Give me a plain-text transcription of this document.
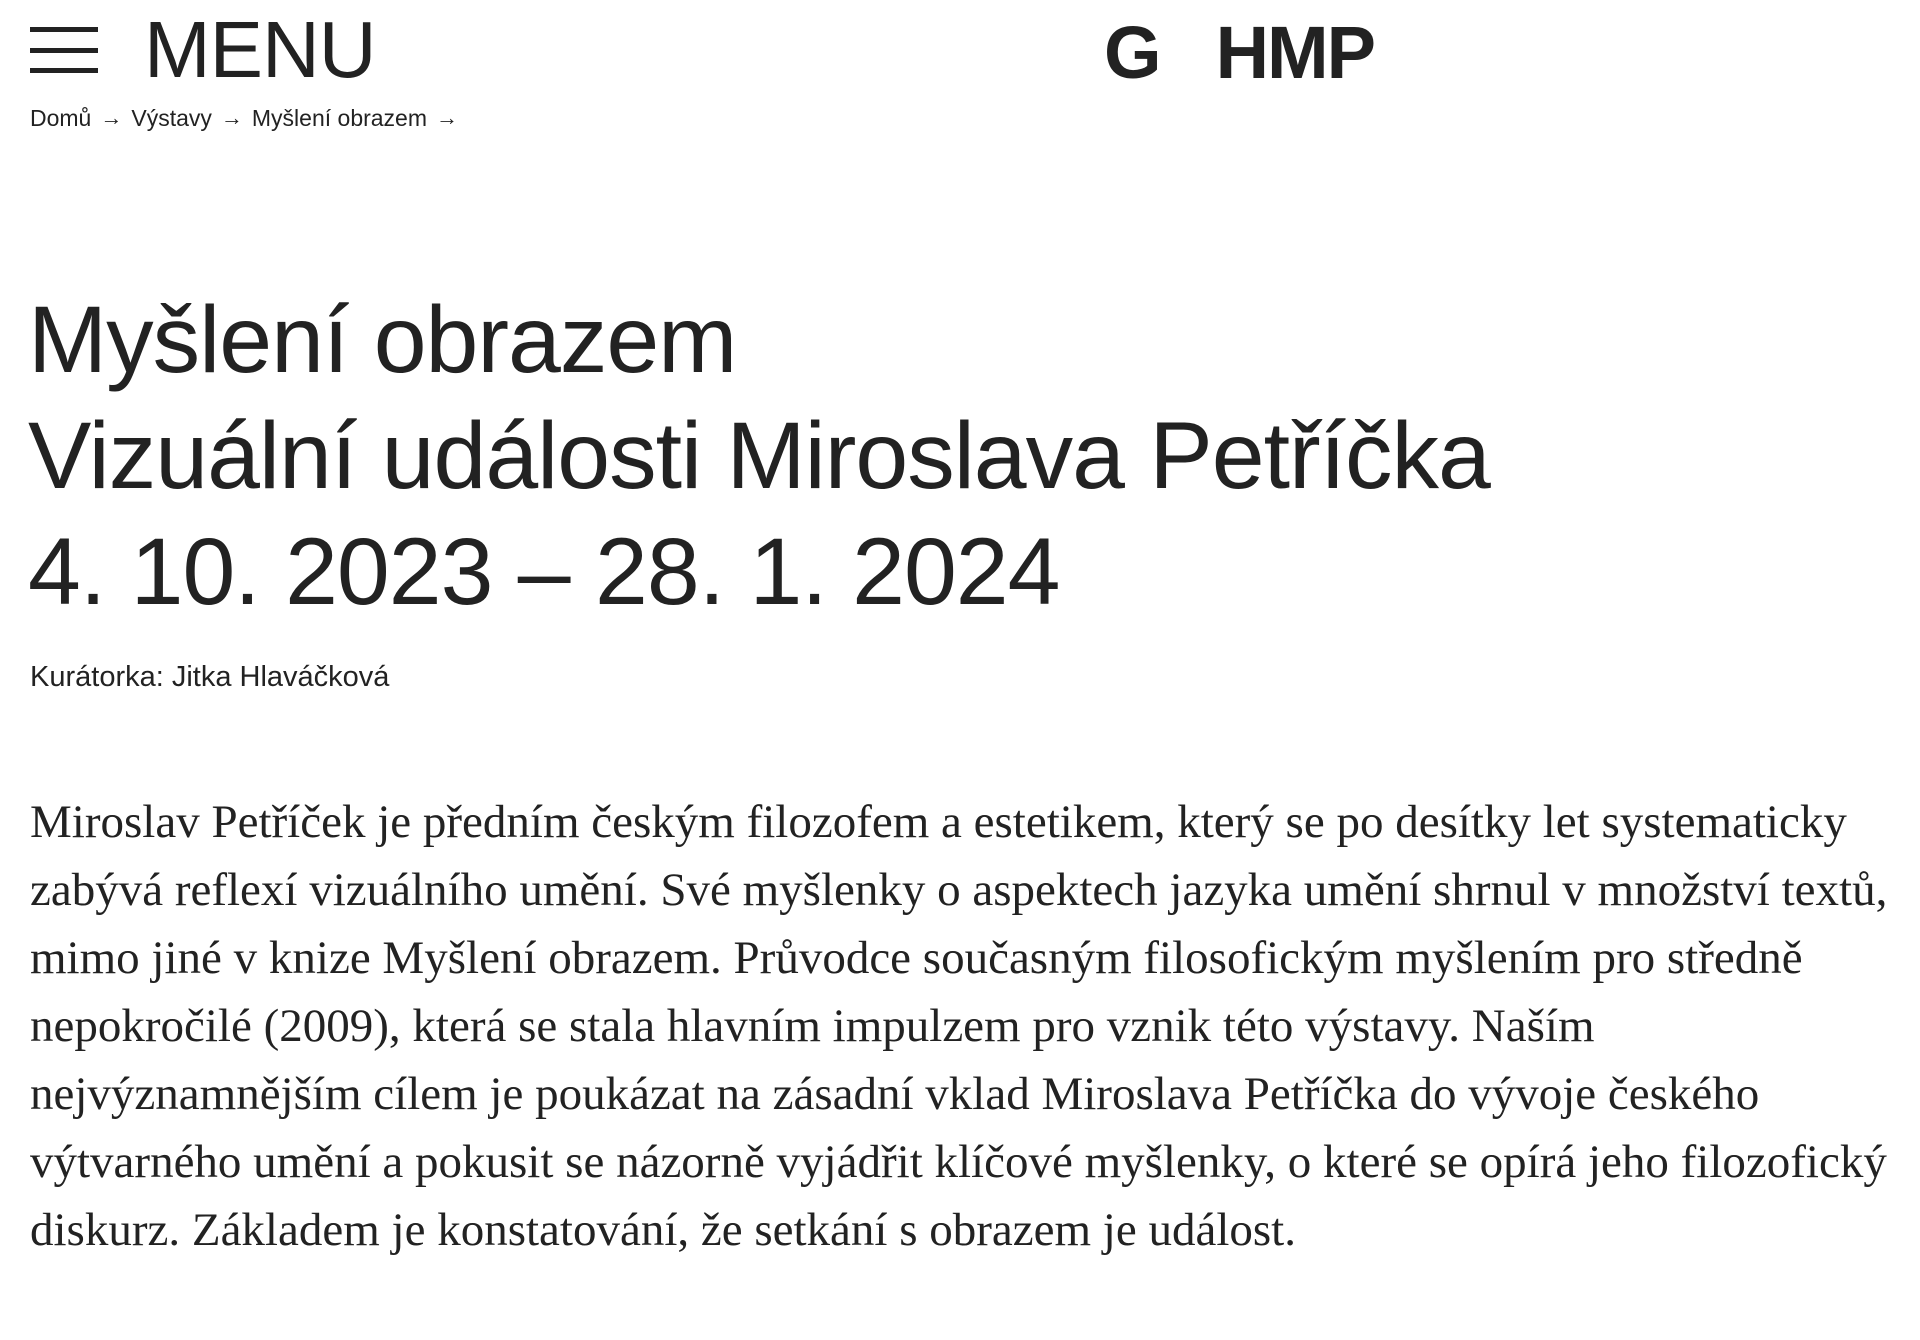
MENU	G HMP
Domů → Výstavy → Myšlení obrazem →
Myšlení obrazem
Vizuální události Miroslava Petříčka
4. 10. 2023 – 28. 1. 2024
Kurátorka: Jitka Hlaváčková

Miroslav Petříček je předním českým filozofem a estetikem, který se po desítky let systematicky zabývá reflexí vizuálního umění. Své myšlenky o aspektech jazyka umění shrnul v množství textů, mimo jiné v knize Myšlení obrazem. Průvodce současným filosofickým myšlením pro středně nepokročilé (2009), která se stala hlavním impulzem pro vznik této výstavy. Naším nejvýznamnějším cílem je poukázat na zásadní vklad Miroslava Petříčka do vývoje českého výtvarného umění a pokusit se názorně vyjádřit klíčové myšlenky, o které se opírá jeho filozofický diskurz. Základem je konstatování, že setkání s obrazem je událost.
